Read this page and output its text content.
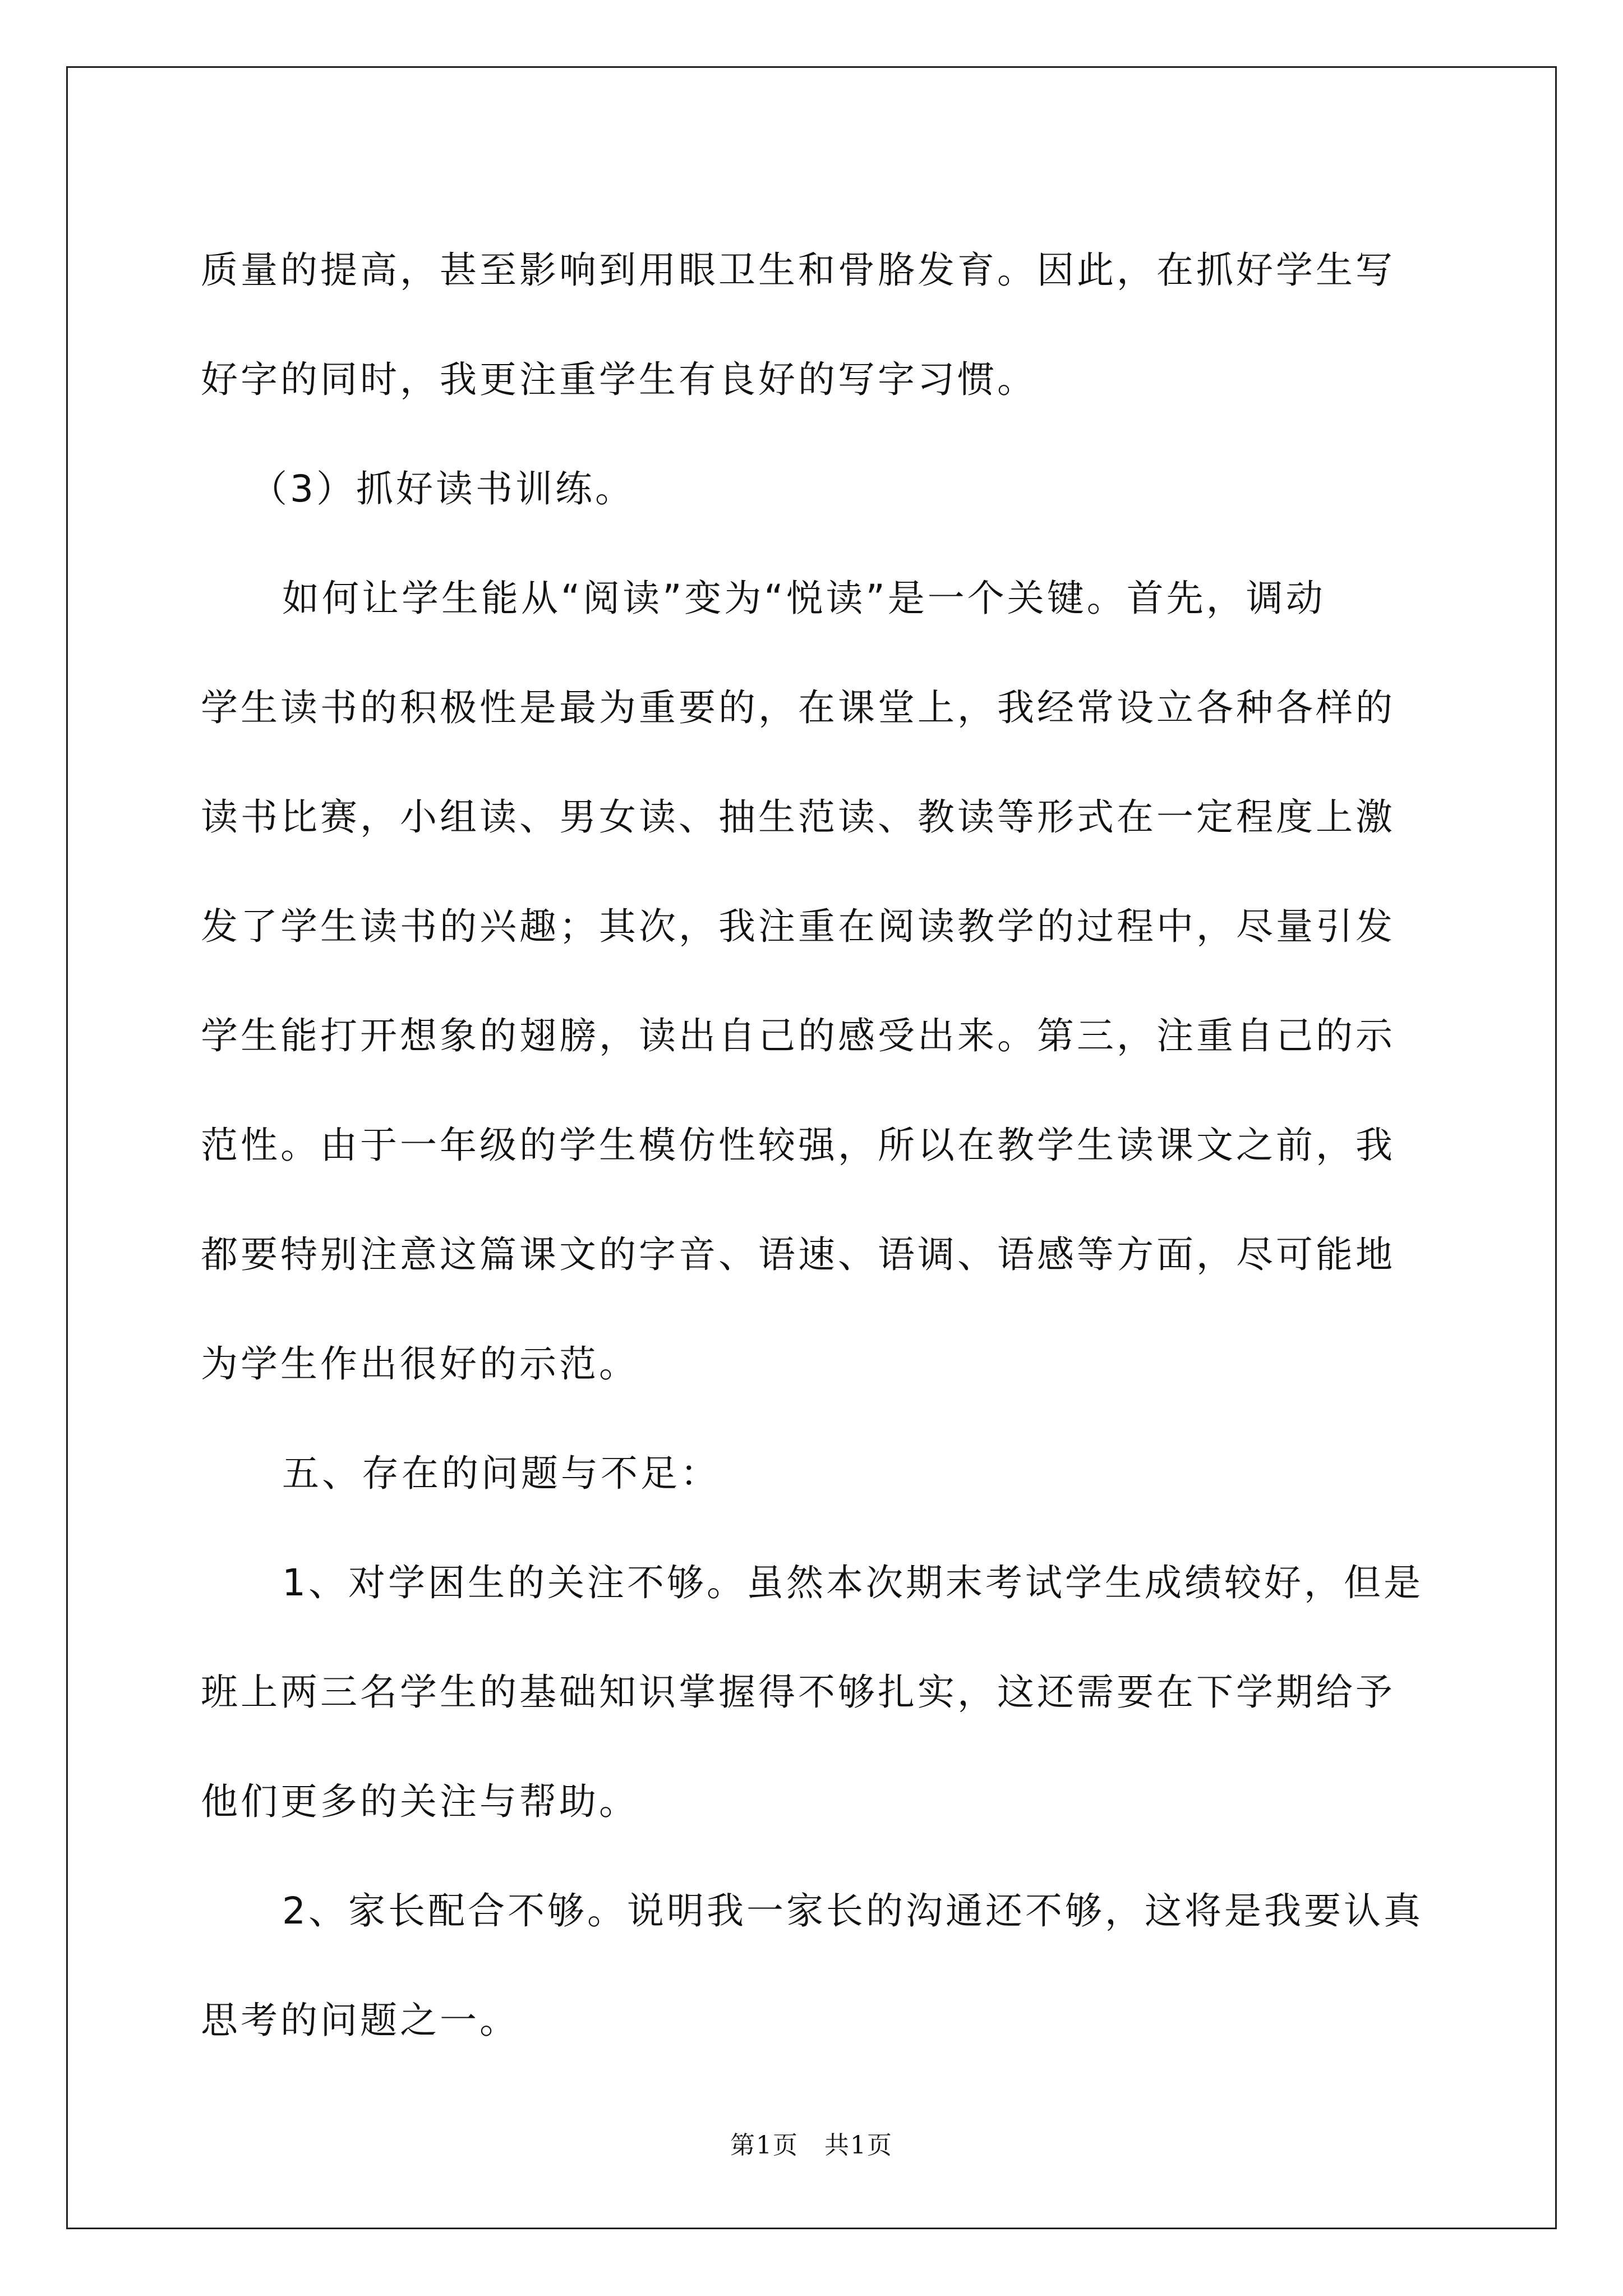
质量的提高，甚至影响到用眼卫生和骨胳发育。因此，在抓好学生写
好字的同时，我更注重学生有良好的写字习惯。
（3）抓好读书训练。
如何让学生能从“阅读”变为“悦读”是一个关键。首先，调动
学生读书的积极性是最为重要的，在课堂上，我经常设立各种各样的
读书比赛，小组读、男女读、抽生范读、教读等形式在一定程度上激
发了学生读书的兴趣；其次，我注重在阅读教学的过程中，尽量引发
学生能打开想象的翅膀，读出自己的感受出来。第三，注重自己的示
范性。由于一年级的学生模仿性较强，所以在教学生读课文之前，我
都要特别注意这篇课文的字音、语速、语调、语感等方面，尽可能地
为学生作出很好的示范。
五、存在的问题与不足：
1、对学困生的关注不够。虽然本次期末考试学生成绩较好，但是
班上两三名学生的基础知识掌握得不够扎实，这还需要在下学期给予
他们更多的关注与帮助。
2、家长配合不够。说明我一家长的沟通还不够，这将是我要认真
思考的问题之一。
第1页　共1页
